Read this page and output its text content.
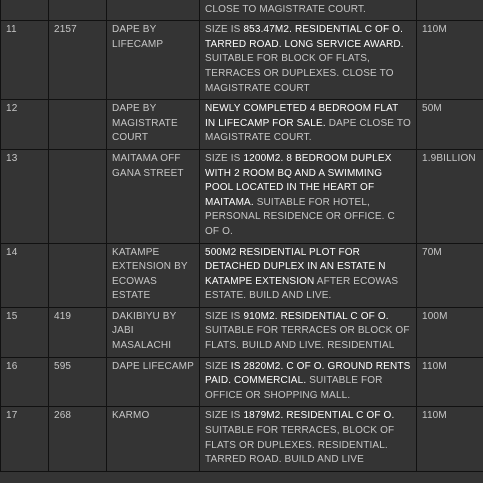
			CLOSE TO MAGISTRATE COURT.	
11	2157	DAPE BY LIFECAMP	SIZE IS 853.47M2. RESIDENTIAL C OF O. TARRED ROAD. LONG SERVICE AWARD. SUITABLE FOR BLOCK OF FLATS, TERRACES OR DUPLEXES. CLOSE TO MAGISTRATE COURT	110M
12		DAPE BY MAGISTRATE COURT	NEWLY COMPLETED 4 BEDROOM FLAT IN LIFECAMP FOR SALE. DAPE CLOSE TO MAGISTRATE COURT.	50M
13		MAITAMA OFF GANA STREET	SIZE IS 1200M2. 8 BEDROOM DUPLEX WITH 2 ROOM BQ AND A SWIMMING POOL LOCATED IN THE HEART OF MAITAMA. SUITABLE FOR HOTEL, PERSONAL RESIDENCE OR OFFICE. C OF O.	1.9BILLION
14		KATAMPE EXTENSION BY ECOWAS ESTATE	500M2 RESIDENTIAL PLOT FOR DETACHED DUPLEX IN AN ESTATE N KATAMPE EXTENSION AFTER ECOWAS ESTATE. BUILD AND LIVE.	70M
15	419	DAKIBIYU BY JABI MASALACHI	SIZE IS 910M2. RESIDENTIAL C OF O. SUITABLE FOR TERRACES OR BLOCK OF FLATS. BUILD AND LIVE. RESIDENTIAL	100M
16	595	DAPE LIFECAMP	SIZE IS 2820M2. C OF O. GROUND RENTS PAID. COMMERCIAL. SUITABLE FOR OFFICE OR SHOPPING MALL.	110M
17	268	KARMO	SIZE IS 1879M2. RESIDENTIAL C OF O. SUITABLE FOR TERRACES, BLOCK OF FLATS OR DUPLEXES. RESIDENTIAL. TARRED ROAD. BUILD AND LIVE	110M
